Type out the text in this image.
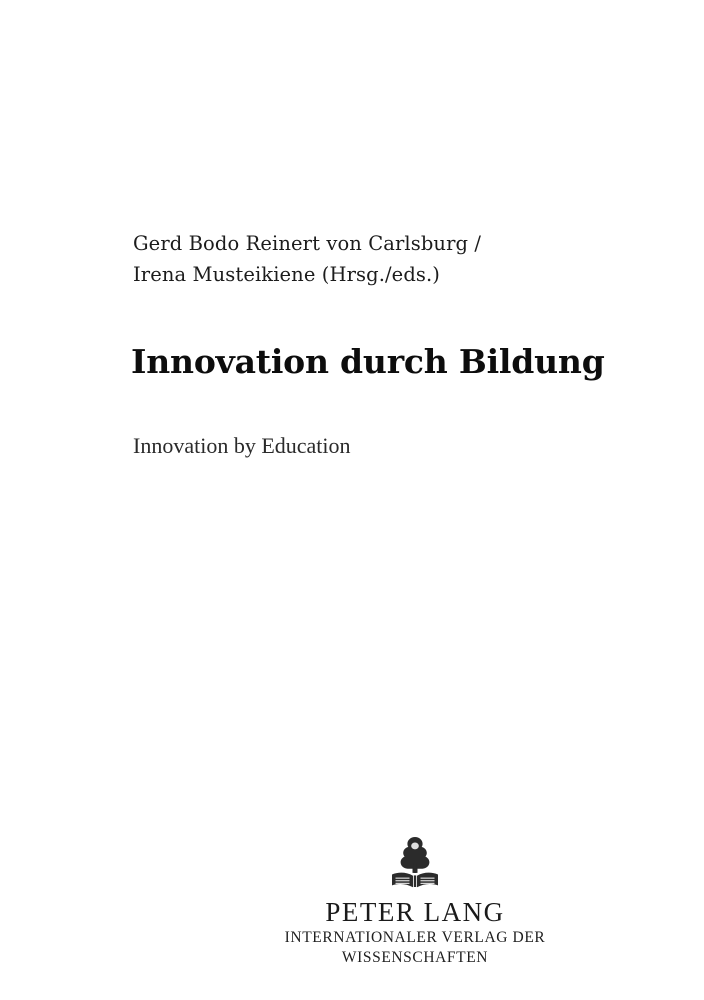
Gerd Bodo Reinert von Carlsburg /
Irena Musteikiene (Hrsg./eds.)
Innovation durch Bildung
Innovation by Education
PETER LANG
INTERNATIONALER VERLAG DER WISSENSCHAFTEN
